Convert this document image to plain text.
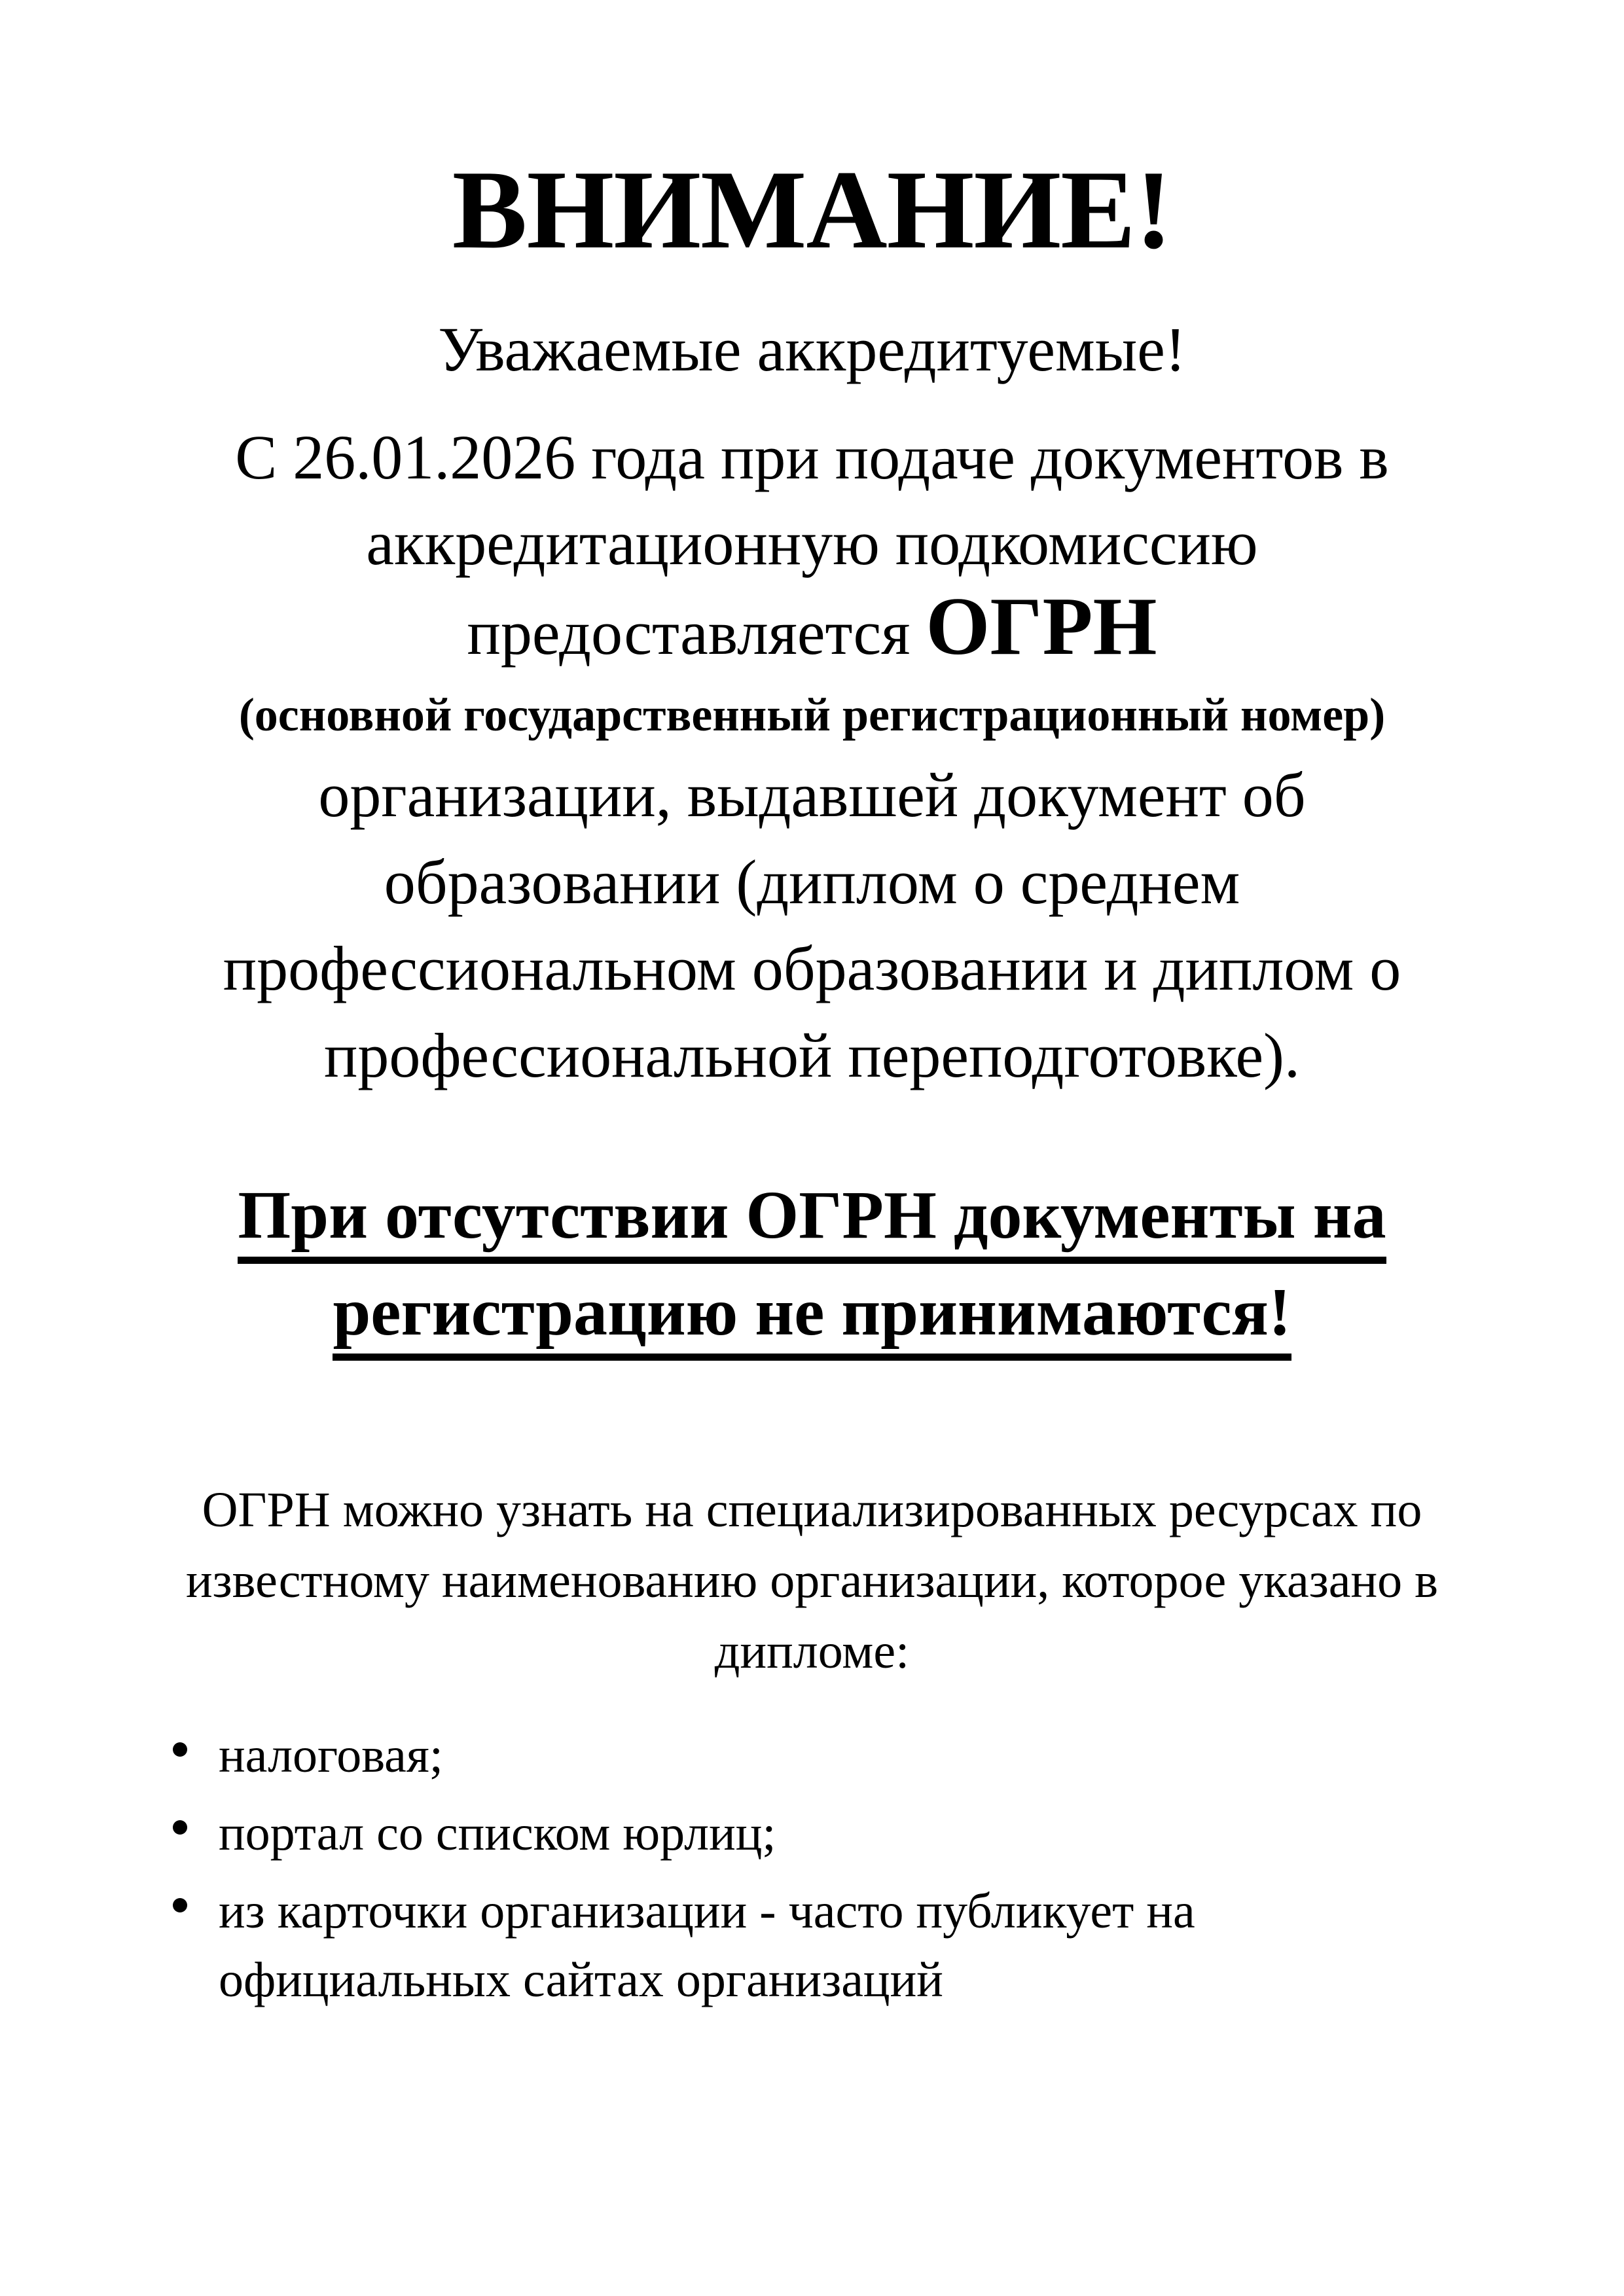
ВНИМАНИЕ!

Уважаемые аккредитуемые!

С 26.01.2026 года при подаче документов в аккредитационную подкомиссию предоставляется ОГРН

(основной государственный регистрационный номер)

организации, выдавшей документ об образовании (диплом о среднем профессиональном образовании и диплом о профессиональной переподготовке).

При отсутствии ОГРН документы на регистрацию не принимаются!

ОГРН можно узнать на специализированных ресурсах по известному наименованию организации, которое указано в дипломе:

налоговая;
портал со списком юрлиц;
из карточки организации - часто публикует на официальных сайтах организаций
